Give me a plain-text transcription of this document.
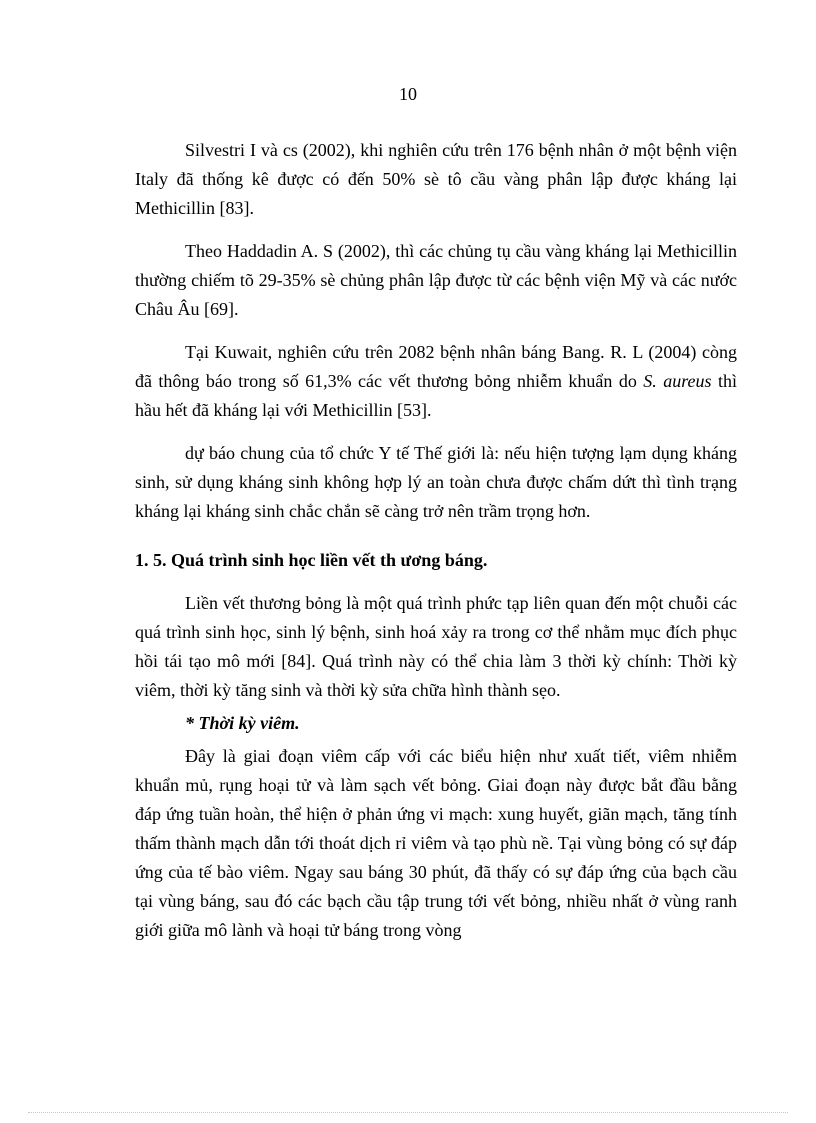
10

Silvestri I và cs (2002), khi nghiên cứu trên 176 bệnh nhân ở một bệnh viện Italy đã thống kê được có đến 50% sè tô cầu vàng phân lập được kháng lại Methicillin [83].

Theo Haddadin A. S (2002), thì các chủng tụ cầu vàng kháng lại Methicillin thường chiếm tõ 29-35% sè chủng phân lập được từ các bệnh viện Mỹ và các nước Châu Âu [69].

Tại Kuwait, nghiên cứu trên 2082 bệnh nhân báng Bang. R. L (2004) còng đã thông báo trong số 61,3% các vết thương bỏng nhiễm khuẩn do S. aureus thì hầu hết đã kháng lại với Methicillin [53].

dự báo chung của tổ chức Y tế Thế giới là: nếu hiện tượng lạm dụng kháng sinh, sử dụng kháng sinh không hợp lý an toàn chưa được chấm dứt thì tình trạng kháng lại kháng sinh chắc chắn sẽ càng trở nên trầm trọng hơn.

1. 5. Quá trình sinh học liền vết th ương báng.

Liền vết thương bỏng là một quá trình phức tạp liên quan đến một chuỗi các quá trình sinh học, sinh lý bệnh, sinh hoá xảy ra trong cơ thể nhằm mục đích phục hồi tái tạo mô mới [84]. Quá trình này có thể chia làm 3 thời kỳ chính: Thời kỳ viêm, thời kỳ tăng sinh và thời kỳ sửa chữa hình thành sẹo.

* Thời kỳ viêm.

Đây là giai đoạn viêm cấp với các biểu hiện như xuất tiết, viêm nhiễm khuẩn mủ, rụng hoại tử và làm sạch vết bỏng. Giai đoạn này được bắt đầu bằng đáp ứng tuần hoàn, thể hiện ở phản ứng vi mạch: xung huyết, giãn mạch, tăng tính thấm thành mạch dẫn tới thoát dịch rỉ viêm và tạo phù nề. Tại vùng bỏng có sự đáp ứng của tế bào viêm. Ngay sau báng 30 phút, đã thấy có sự đáp ứng của bạch cầu tại vùng báng, sau đó các bạch cầu tập trung tới vết bỏng, nhiều nhất ở vùng ranh giới giữa mô lành và hoại tử báng trong vòng
